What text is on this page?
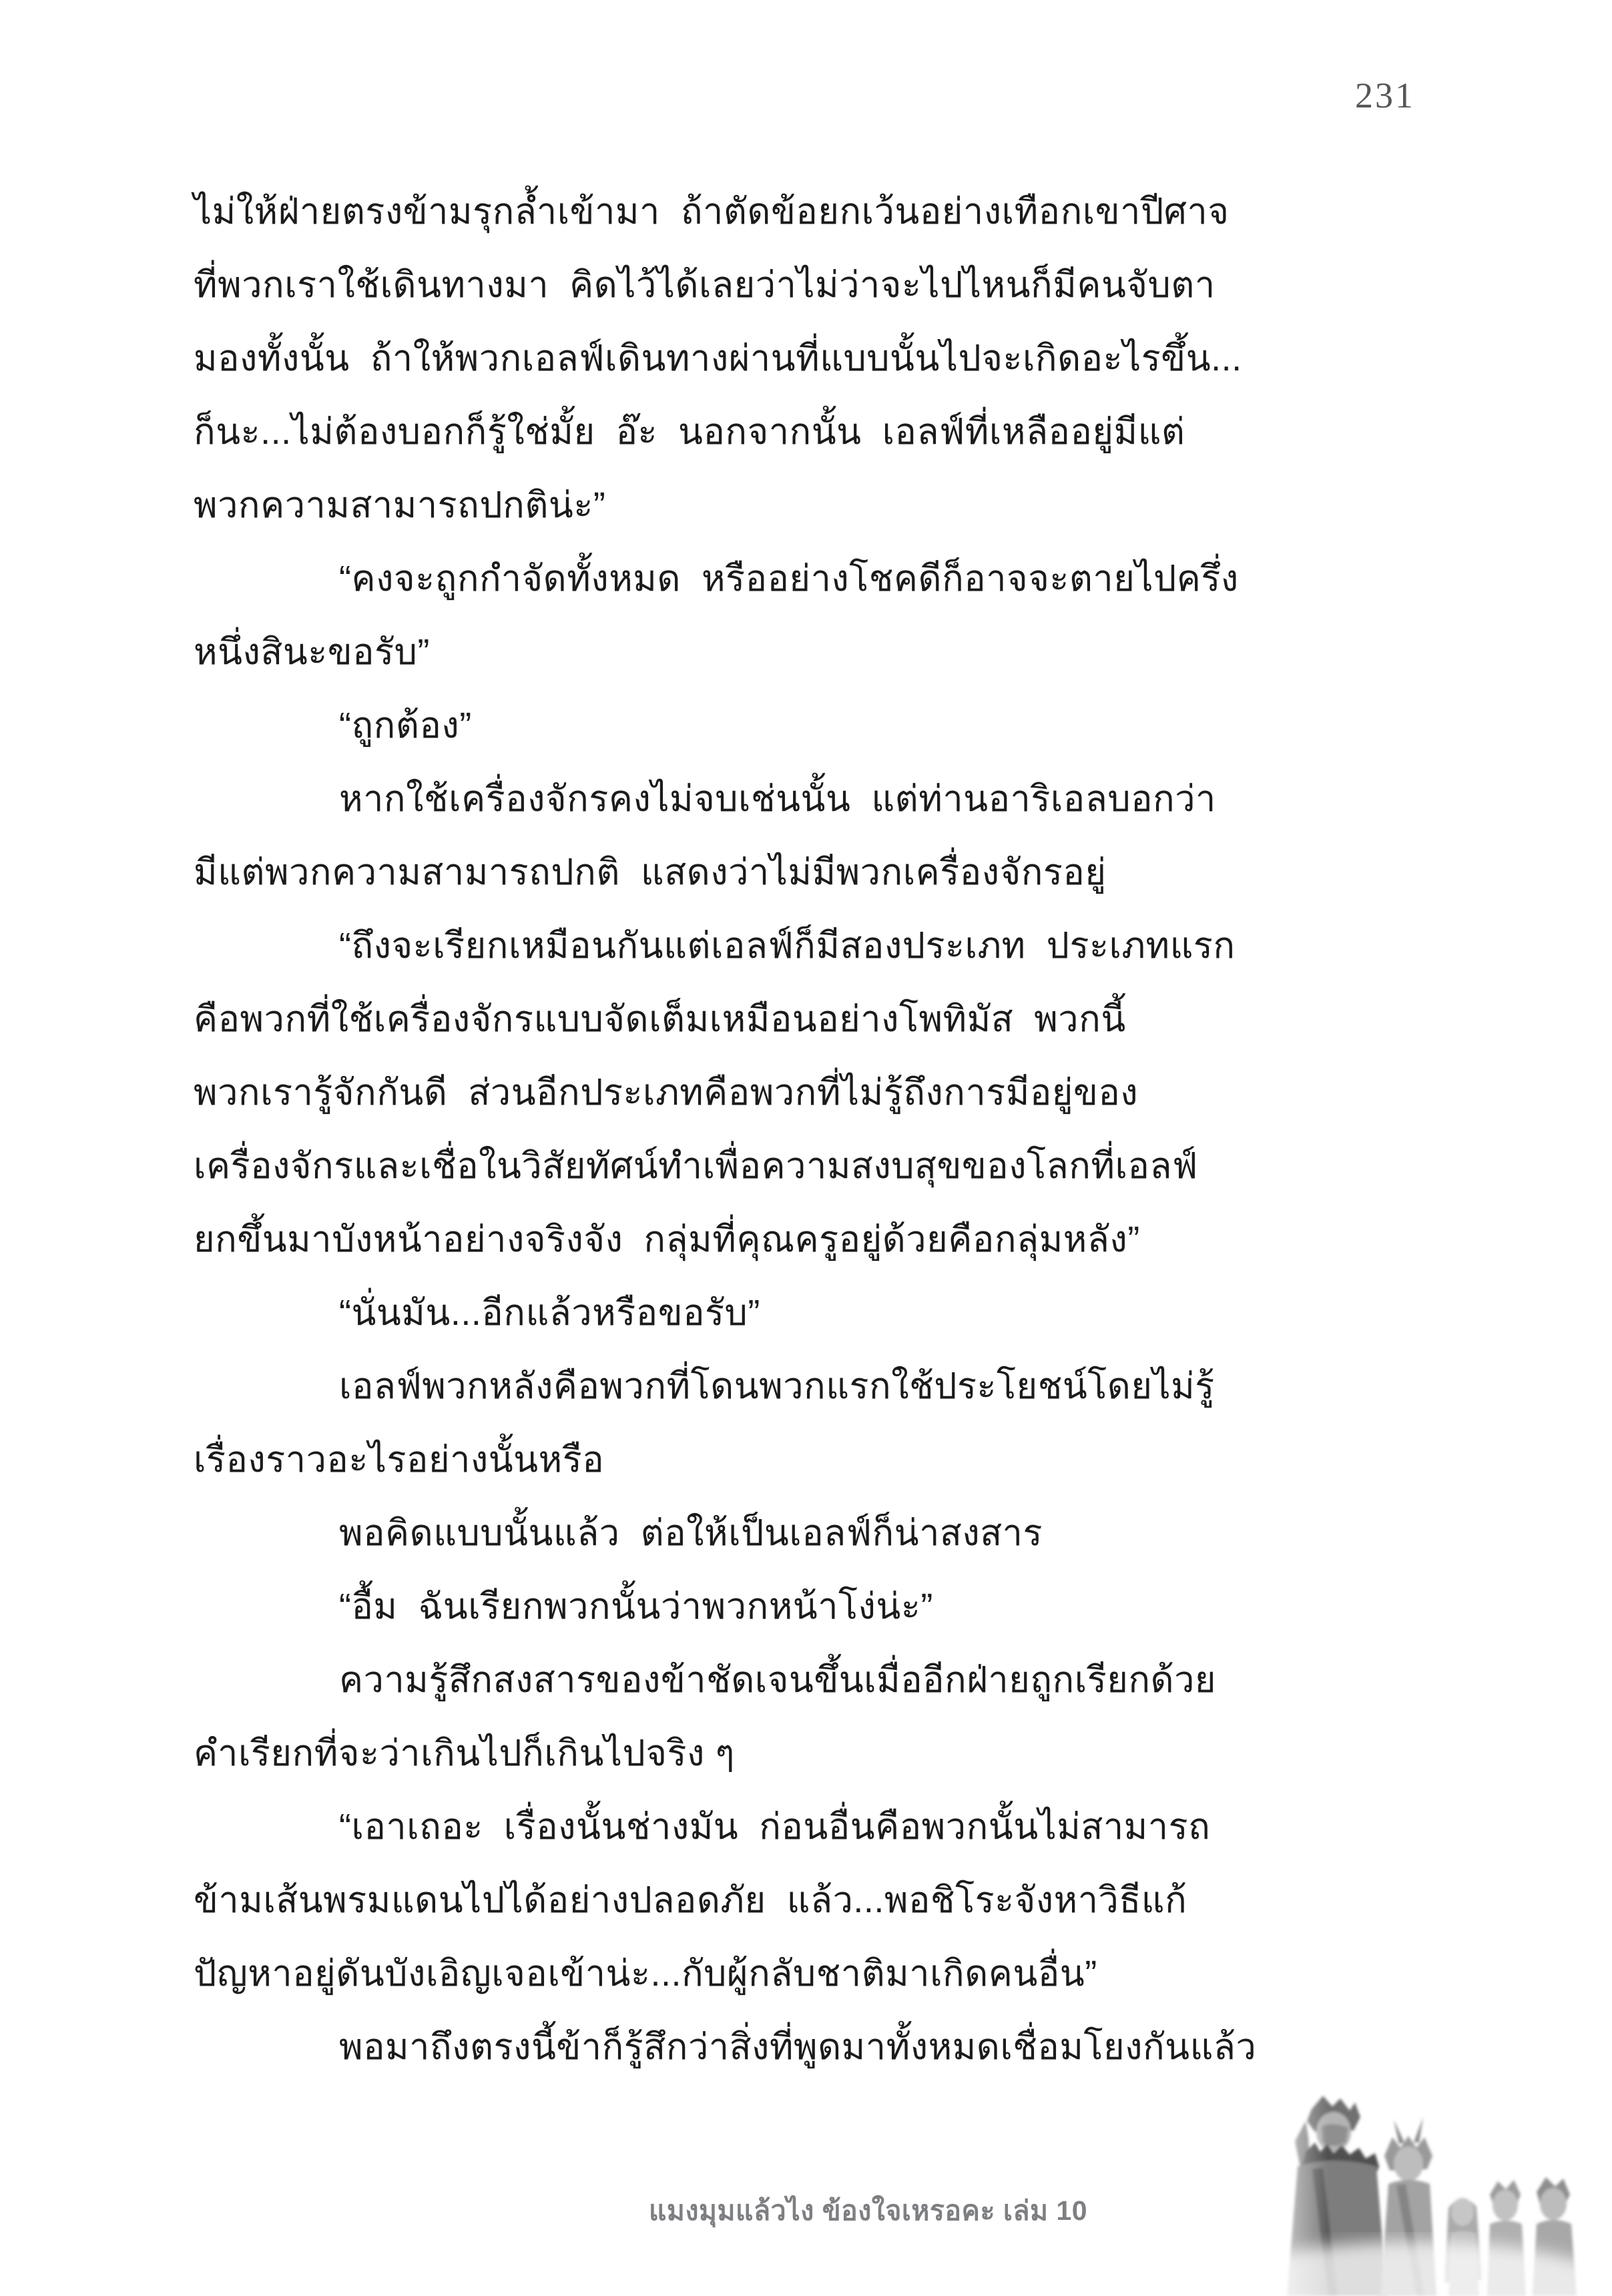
231
ไม่ให้ฝ่ายตรงข้ามรุกล้ำเข้ามา  ถ้าตัดข้อยกเว้นอย่างเทือกเขาปีศาจ
ที่พวกเราใช้เดินทางมา  คิดไว้ได้เลยว่าไม่ว่าจะไปไหนก็มีคนจับตา
มองทั้งนั้น  ถ้าให้พวกเอลฟ์เดินทางผ่านที่แบบนั้นไปจะเกิดอะไรขึ้น...
ก็นะ...ไม่ต้องบอกก็รู้ใช่มั้ย  อ๊ะ  นอกจากนั้น  เอลฟ์ที่เหลืออยู่มีแต่
พวกความสามารถปกติน่ะ”
“คงจะถูกกำจัดทั้งหมด  หรืออย่างโชคดีก็อาจจะตายไปครึ่ง
หนึ่งสินะขอรับ”
“ถูกต้อง”
หากใช้เครื่องจักรคงไม่จบเช่นนั้น  แต่ท่านอาริเอลบอกว่า
มีแต่พวกความสามารถปกติ  แสดงว่าไม่มีพวกเครื่องจักรอยู่
“ถึงจะเรียกเหมือนกันแต่เอลฟ์ก็มีสองประเภท  ประเภทแรก
คือพวกที่ใช้เครื่องจักรแบบจัดเต็มเหมือนอย่างโพทิมัส  พวกนี้
พวกเรารู้จักกันดี  ส่วนอีกประเภทคือพวกที่ไม่รู้ถึงการมีอยู่ของ
เครื่องจักรและเชื่อในวิสัยทัศน์ทำเพื่อความสงบสุขของโลกที่เอลฟ์
ยกขึ้นมาบังหน้าอย่างจริงจัง  กลุ่มที่คุณครูอยู่ด้วยคือกลุ่มหลัง”
“นั่นมัน...อีกแล้วหรือขอรับ”
เอลฟ์พวกหลังคือพวกที่โดนพวกแรกใช้ประโยชน์โดยไม่รู้
เรื่องราวอะไรอย่างนั้นหรือ
พอคิดแบบนั้นแล้ว  ต่อให้เป็นเอลฟ์ก็น่าสงสาร
“อื้ม  ฉันเรียกพวกนั้นว่าพวกหน้าโง่น่ะ”
ความรู้สึกสงสารของข้าชัดเจนขึ้นเมื่ออีกฝ่ายถูกเรียกด้วย
คำเรียกที่จะว่าเกินไปก็เกินไปจริง ๆ
“เอาเถอะ  เรื่องนั้นช่างมัน  ก่อนอื่นคือพวกนั้นไม่สามารถ
ข้ามเส้นพรมแดนไปได้อย่างปลอดภัย  แล้ว...พอชิโระจังหาวิธีแก้
ปัญหาอยู่ดันบังเอิญเจอเข้าน่ะ...กับผู้กลับชาติมาเกิดคนอื่น”
พอมาถึงตรงนี้ข้าก็รู้สึกว่าสิ่งที่พูดมาทั้งหมดเชื่อมโยงกันแล้ว
แมงมุมแล้วไง ข้องใจเหรอคะ เล่ม 10
